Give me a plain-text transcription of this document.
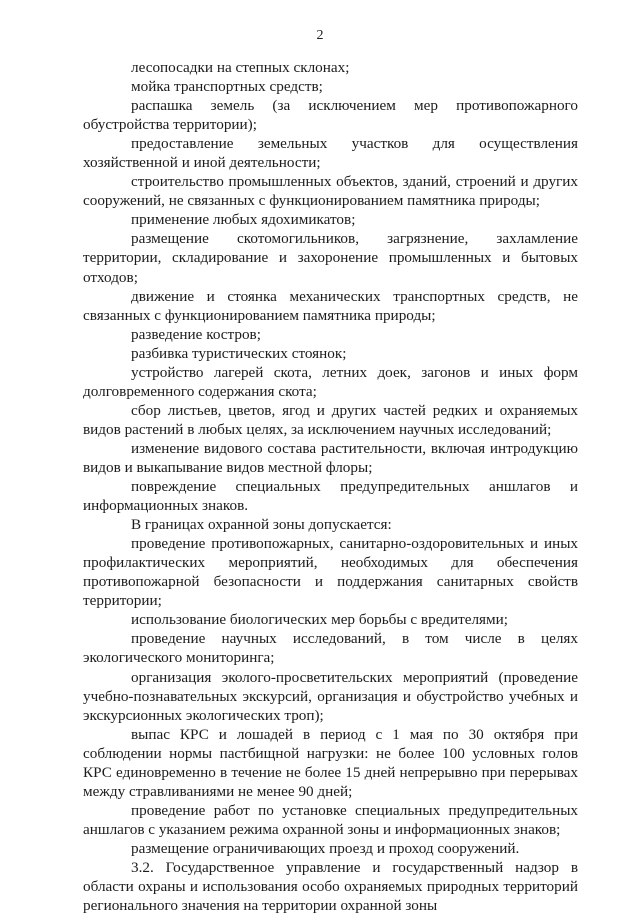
2

лесопосадки на степных склонах;

мойка транспортных средств;

распашка земель (за исключением мер противопожарного обустройства территории);

предоставление земельных участков для осуществления хозяйственной и иной деятельности;

строительство промышленных объектов, зданий, строений и других сооружений, не связанных с функционированием памятника природы;

применение любых ядохимикатов;

размещение скотомогильников, загрязнение, захламление территории, складирование и захоронение промышленных и бытовых отходов;

движение и стоянка механических транспортных средств, не связанных с функционированием памятника природы;

разведение костров;

разбивка туристических стоянок;

устройство лагерей скота, летних доек, загонов и иных форм долговременного содержания скота;

сбор листьев, цветов, ягод и других частей редких и охраняемых видов растений в любых целях, за исключением научных исследований;

изменение видового состава растительности, включая интродукцию видов и выкапывание видов местной флоры;

повреждение специальных предупредительных аншлагов и информационных знаков.

В границах охранной зоны допускается:

проведение противопожарных, санитарно-оздоровительных и иных профилактических мероприятий, необходимых для обеспечения противопожарной безопасности и поддержания санитарных свойств территории;

использование биологических мер борьбы с вредителями;

проведение научных исследований, в том числе в целях экологического мониторинга;

организация эколого-просветительских мероприятий (проведение учебно-познавательных экскурсий, организация и обустройство учебных и экскурсионных экологических троп);

выпас КРС и лошадей в период с 1 мая по 30 октября при соблюдении нормы пастбищной нагрузки: не более 100 условных голов КРС единовременно в течение не более 15 дней непрерывно при перерывах между стравливаниями не менее 90 дней;

проведение работ по установке специальных предупредительных аншлагов с указанием режима охранной зоны и информационных знаков;

размещение ограничивающих проезд и проход сооружений.

3.2. Государственное управление и государственный надзор в области охраны и использования особо охраняемых природных территорий регионального значения на территории охранной зоны
